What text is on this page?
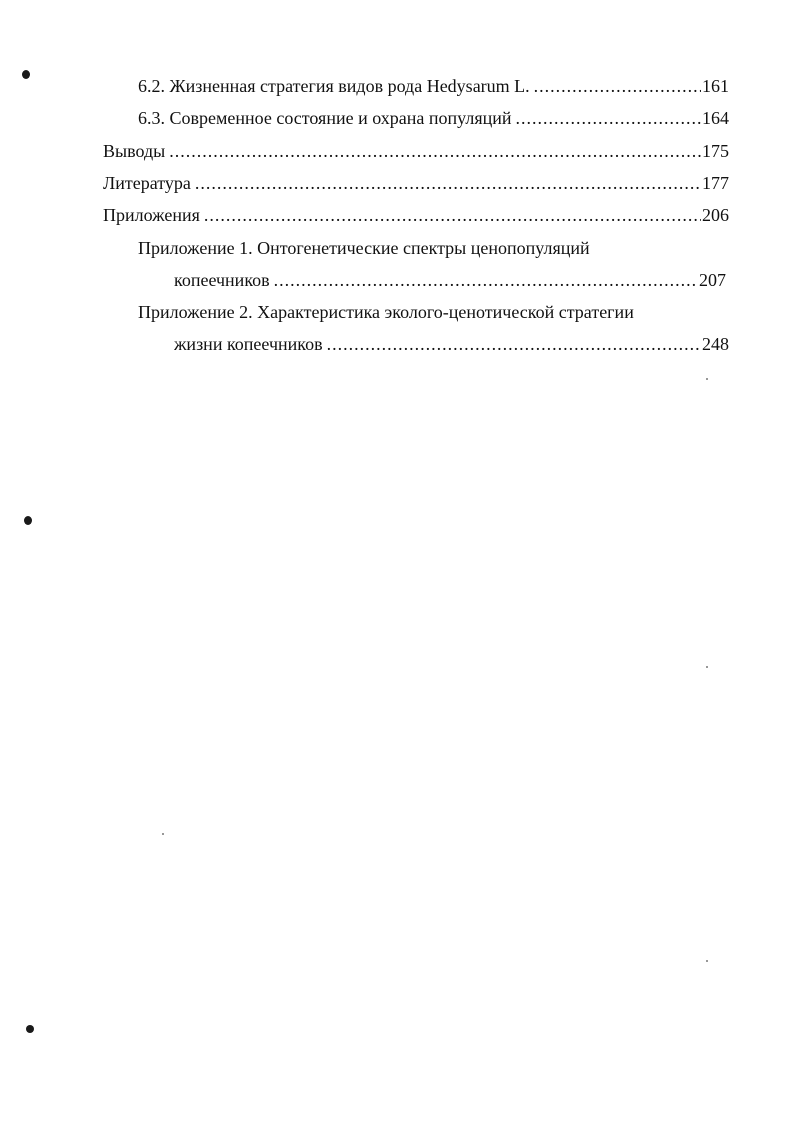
6.2. Жизненная стратегия видов рода Hedysarum L. .....	161
6.3. Современное состояние и охрана популяций .....	164
Выводы .....	175
Литература .....	177
Приложения .....	206
Приложение 1. Онтогенетические спектры ценопопуляций
копеечников .....	207
Приложение 2. Характеристика эколого-ценотической стратегии
жизни копеечников .....	248
